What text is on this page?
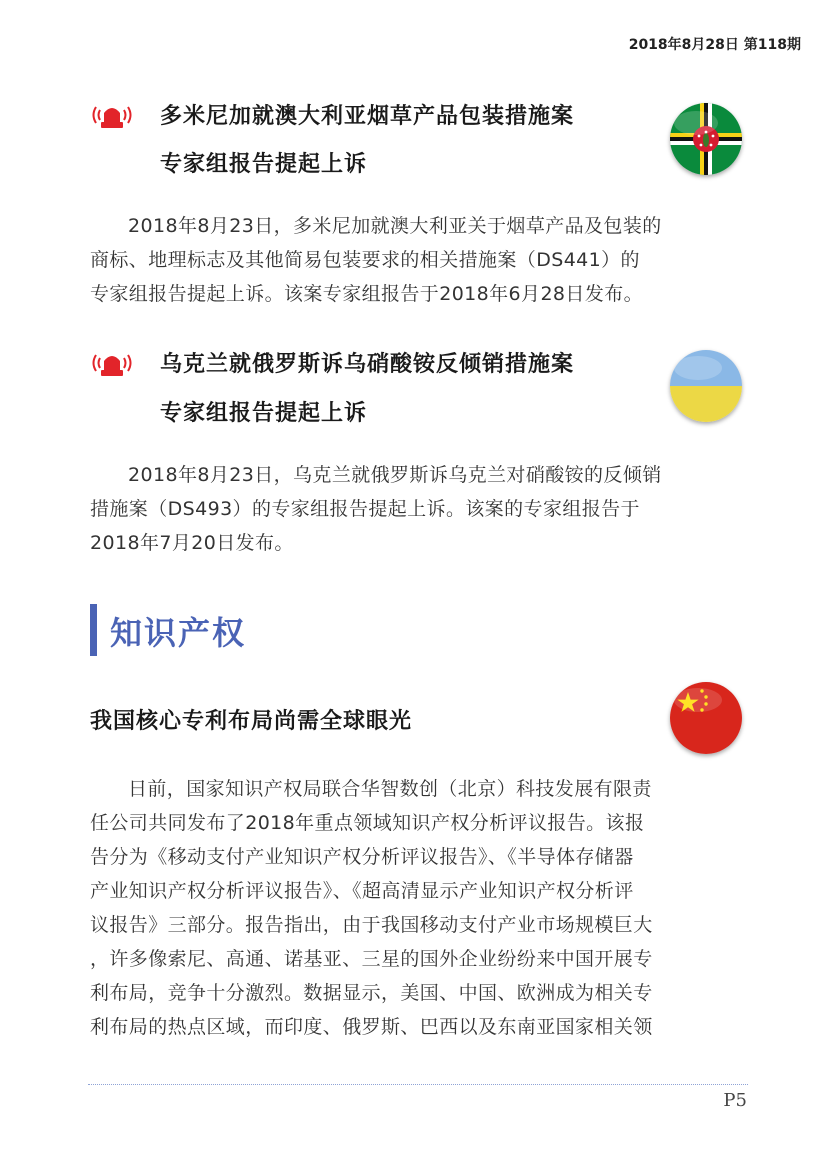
2018年8月28日 第118期
多米尼加就澳大利亚烟草产品包装措施案
专家组报告提起上诉

2018年8月23日，多米尼加就澳大利亚关于烟草产品及包装的

商标、地理标志及其他简易包装要求的相关措施案（DS441）的

专家组报告提起上诉。该案专家组报告于2018年6月28日发布。

乌克兰就俄罗斯诉乌硝酸铵反倾销措施案
专家组报告提起上诉

2018年8月23日，乌克兰就俄罗斯诉乌克兰对硝酸铵的反倾销

措施案（DS493）的专家组报告提起上诉。该案的专家组报告于

2018年7月20日发布。

知识产权
我国核心专利布局尚需全球眼光

日前，国家知识产权局联合华智数创（北京）科技发展有限责

任公司共同发布了2018年重点领域知识产权分析评议报告。该报

告分为《移动支付产业知识产权分析评议报告》、《半导体存储器

产业知识产权分析评议报告》、《超高清显示产业知识产权分析评

议报告》三部分。报告指出，由于我国移动支付产业市场规模巨大

，许多像索尼、高通、诺基亚、三星的国外企业纷纷来中国开展专

利布局，竞争十分激烈。数据显示，美国、中国、欧洲成为相关专

利布局的热点区域，而印度、俄罗斯、巴西以及东南亚国家相关领

P5
